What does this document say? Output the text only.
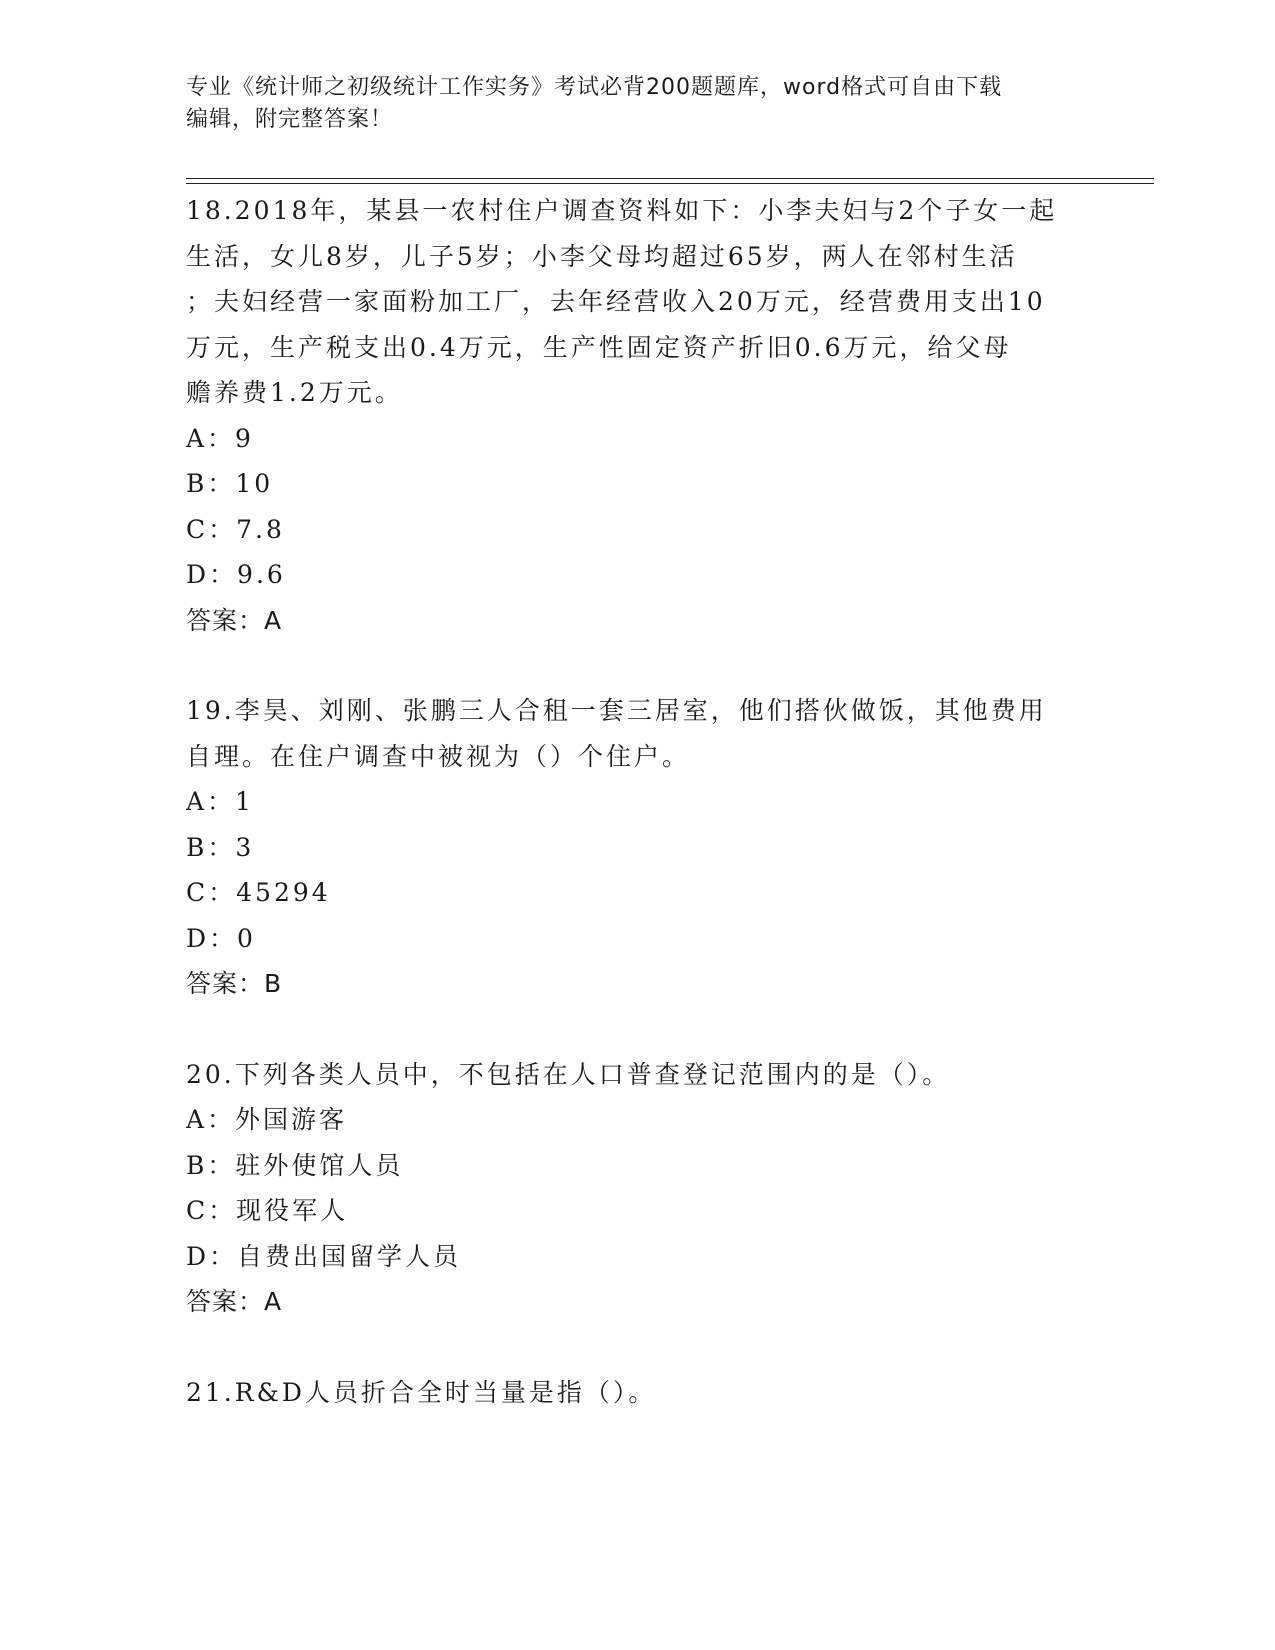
专业《统计师之初级统计工作实务》考试必背200题题库，word格式可自由下载
编辑，附完整答案！
18.2018年，某县一农村住户调查资料如下：小李夫妇与2个子女一起
生活，女儿8岁，儿子5岁；小李父母均超过65岁，两人在邻村生活
；夫妇经营一家面粉加工厂，去年经营收入20万元，经营费用支出10
万元，生产税支出0.4万元，生产性固定资产折旧0.6万元，给父母
赡养费1.2万元。
A：9
B：10
C：7.8
D：9.6
答案：A
19.李昊、刘刚、张鹏三人合租一套三居室，他们搭伙做饭，其他费用
自理。在住户调查中被视为（）个住户。
A：1
B：3
C：45294
D：0
答案：B
20.下列各类人员中，不包括在人口普查登记范围内的是（）。
A：外国游客
B：驻外使馆人员
C：现役军人
D：自费出国留学人员
答案：A
21.R&D人员折合全时当量是指（）。
